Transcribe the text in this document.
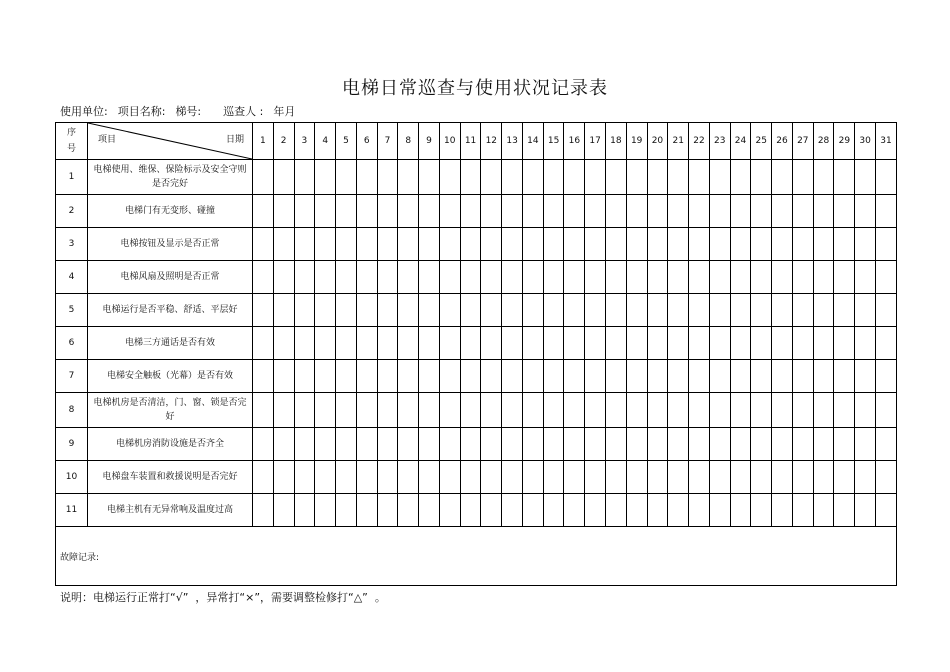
电梯日常巡查与使用状况记录表
使用单位: 项目名称: 梯号: 巡查人 : 年月
序
号	项目 日期	1	2	3	4	5	6	7	8	9	10	11	12	13	14	15	16	17	18	19	20	21	22	23	24	25	26	27	28	29	30	31
1	电梯使用、维保、保险标示及安全守则是否完好																															
2	电梯门有无变形、碰撞																															
3	电梯按钮及显示是否正常																															
4	电梯风扇及照明是否正常																															
5	电梯运行是否平稳、舒适、平层好																															
6	电梯三方通话是否有效																															
7	电梯安全触板（光幕）是否有效																															
8	电梯机房是否清洁，门、窗、锁是否完好																															
9	电梯机房消防设施是否齐全																															
10	电梯盘车装置和救援说明是否完好																															
11	电梯主机有无异常响及温度过高																															
故障记录:																																
说明：电梯运行正常打“√”  ，异常打“×”，需要调整检修打“△”  。
